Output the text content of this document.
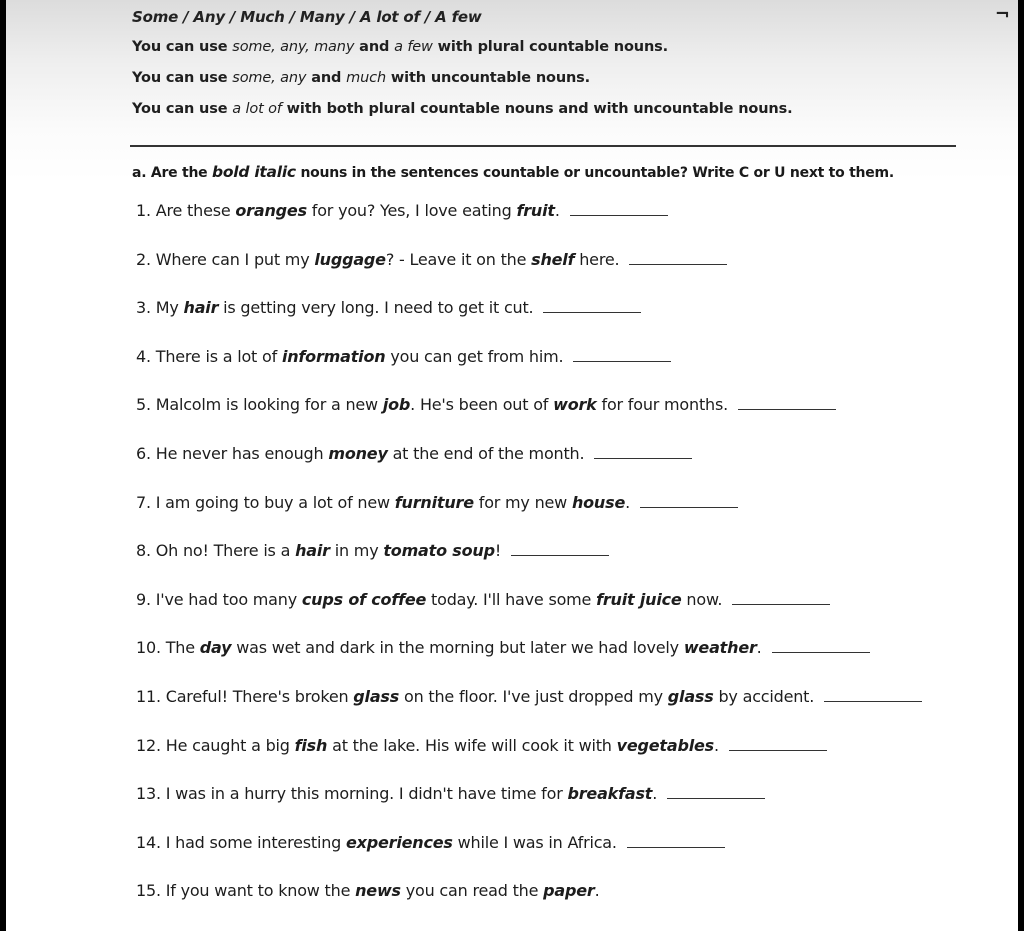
¬
Some / Any / Much / Many / A lot of / A few
You can use some, any, many and a few with plural countable nouns.
You can use some, any and much with uncountable nouns.
You can use a lot of with both plural countable nouns and with uncountable nouns.
a. Are the bold italic nouns in the sentences countable or uncountable? Write C or U next to them.
1. Are these oranges for you? Yes, I love eating fruit.
2. Where can I put my luggage? - Leave it on the shelf here.
3. My hair is getting very long. I need to get it cut.
4. There is a lot of information you can get from him.
5. Malcolm is looking for a new job. He's been out of work for four months.
6. He never has enough money at the end of the month.
7. I am going to buy a lot of new furniture for my new house.
8. Oh no! There is a hair in my tomato soup!
9. I've had too many cups of coffee today. I'll have some fruit juice now.
10. The day was wet and dark in the morning but later we had lovely weather.
11. Careful! There's broken glass on the floor. I've just dropped my glass by accident.
12. He caught a big fish at the lake. His wife will cook it with vegetables.
13. I was in a hurry this morning. I didn't have time for breakfast.
14. I had some interesting experiences while I was in Africa.
15. If you want to know the news you can read the paper.
